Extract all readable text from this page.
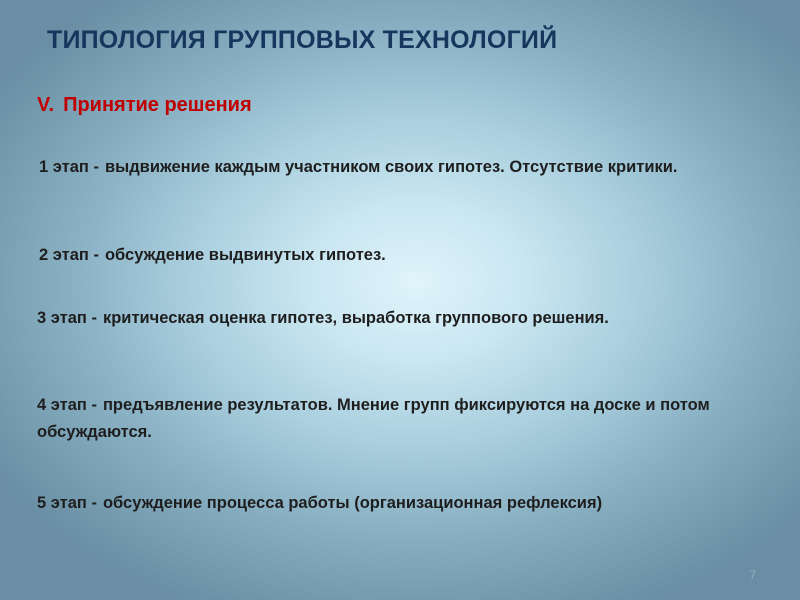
ТИПОЛОГИЯ ГРУППОВЫХ ТЕХНОЛОГИЙ
V. Принятие решения
1 этап - выдвижение каждым участником своих гипотез. Отсутствие критики.
2 этап - обсуждение выдвинутых гипотез.
3 этап - критическая оценка гипотез, выработка группового решения.
4 этап - предъявление результатов. Мнение групп фиксируются на доске и потом обсуждаются.
5 этап - обсуждение процесса работы (организационная рефлексия)
7
